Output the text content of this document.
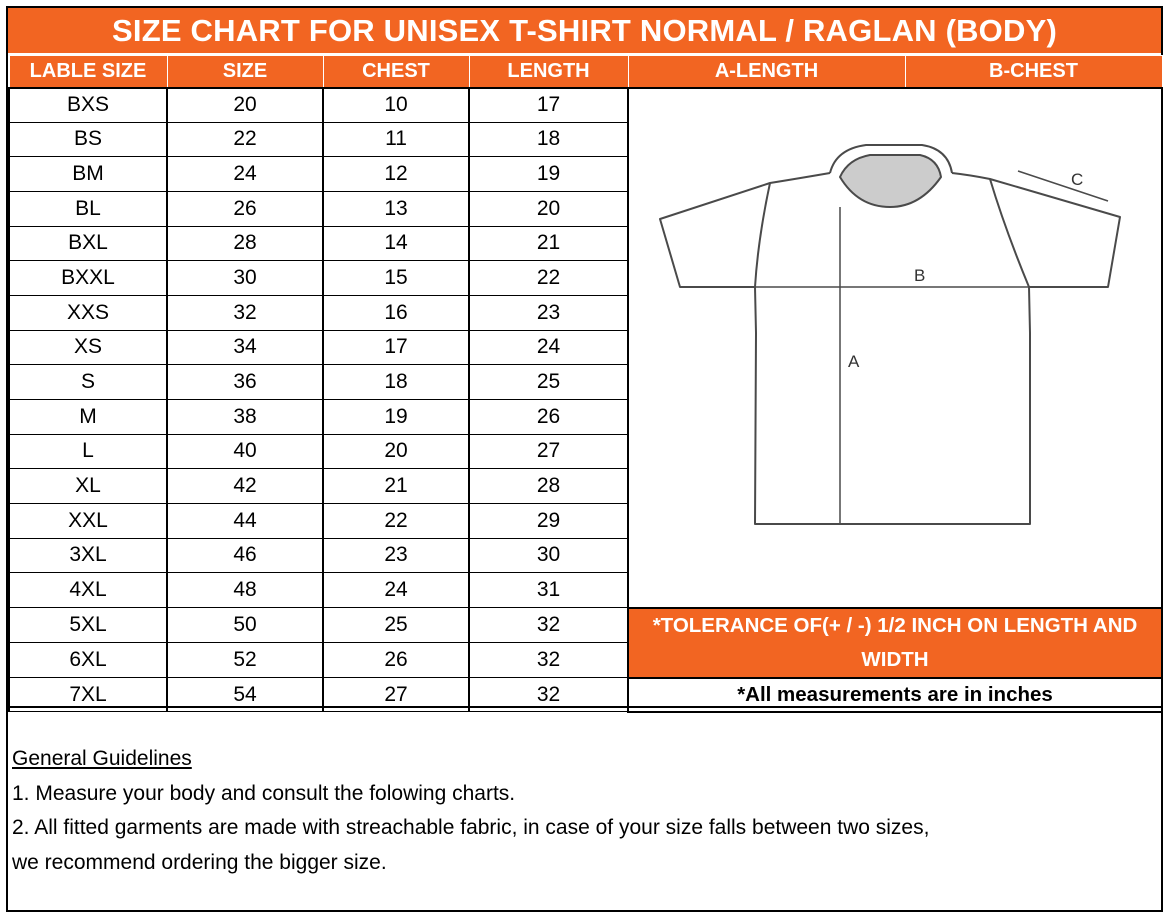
SIZE CHART FOR UNISEX T-SHIRT NORMAL / RAGLAN (BODY)
LABLE SIZE	SIZE	CHEST	LENGTH	A-LENGTH	B-CHEST
BXS	20	10	17	A
B
C	

BS	22	11	18		
BM	24	12	19		
BL	26	13	20		
BXL	28	14	21		
BXXL	30	15	22		
XXS	32	16	23		
XS	34	17	24		
S	36	18	25		
M	38	19	26		
L	40	20	27		
XL	42	21	28		
XXL	44	22	29		
3XL	46	23	30		
4XL	48	24	31		
5XL	50	25	32	*TOLERANCE OF(+ / -) 1/2 INCH ON LENGTH AND WIDTH	
6XL	52	26	32		
7XL	54	27	32	*All measurements are in inches	

General Guidelines

1. Measure your body and consult the folowing charts.

2. All fitted garments are made with streachable fabric, in case of your size falls between two sizes,

we recommend ordering the bigger size.
